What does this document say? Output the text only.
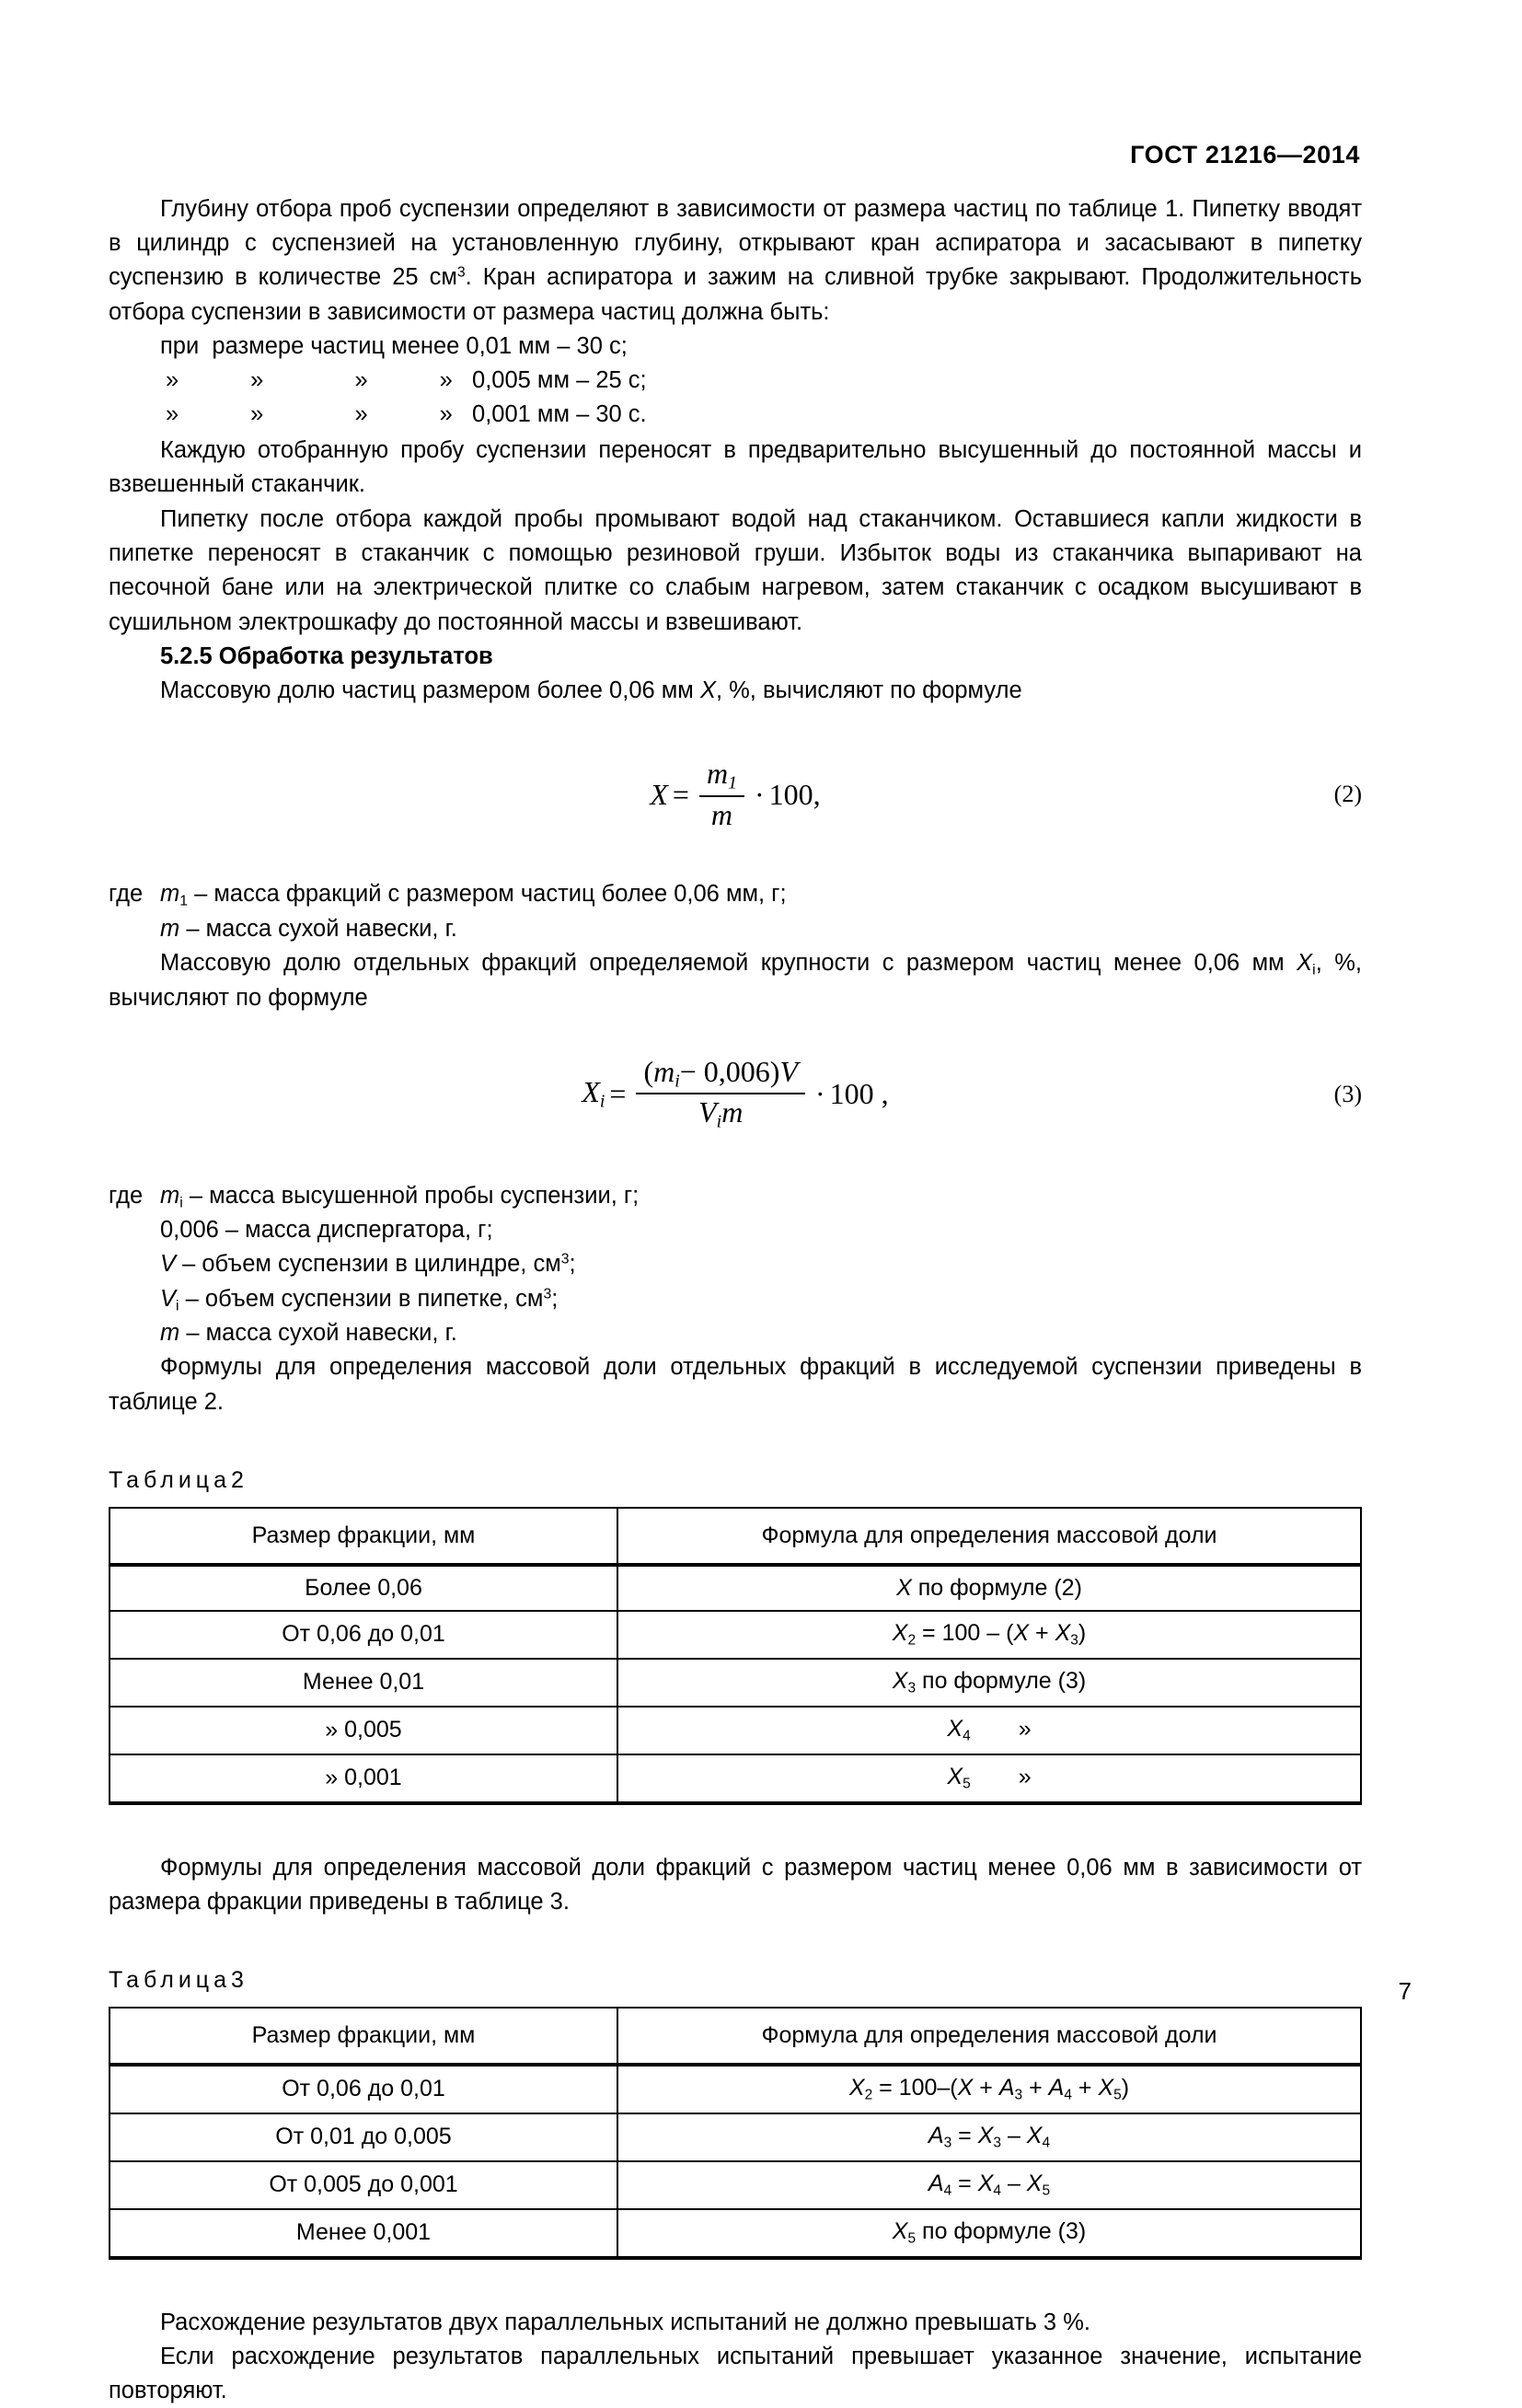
ГОСТ 21216—2014

Глубину отбора проб суспензии определяют в зависимости от размера частиц по таблице 1. Пипетку вводят в цилиндр с суспензией на установленную глубину, открывают кран аспиратора и засасывают в пипетку суспензию в количестве 25 $см^3$. Кран аспиратора и зажим на сливной трубке закрывают. Продолжительность отбора суспензии в зависимости от размера частиц должна быть:

при  размере частиц менее 0,01 мм – 30 с;
»           »              »           »   0,005 мм – 25 с;
»           »              »           »   0,001 мм – 30 с.

Каждую отобранную пробу суспензии переносят в предварительно высушенный до постоянной массы и взвешенный стаканчик.

Пипетку после отбора каждой пробы промывают водой над стаканчиком. Оставшиеся капли жидкости в пипетке переносят в стаканчик с помощью резиновой груши. Избыток воды из стаканчика выпаривают на песочной бане или на электрической плитке со слабым нагревом, затем стаканчик с осадком высушивают в сушильном электрошкафу до постоянной массы и взвешивают.

5.2.5 Обработка результатов

Массовую долю частиц размером более 0,06 мм X, %, вычисляют по формуле

$X = \frac{m_1}{m} \cdot 100$,	(2)
где $m_1$ – масса фракций с размером частиц более 0,06 мм, г;
m – масса сухой навески, г.

Массовую долю отдельных фракций определяемой крупности с размером частиц менее 0,06 мм $X_i$, %, вычисляют по формуле

$X_i = \frac{(m_i- 0,006)V}{V_im} \cdot 100$ ,	(3)
где $m_i$ – масса высушенной пробы суспензии, г;
0,006 – масса диспергатора, г;
V – объем суспензии в цилиндре, $см^3$;
$V_i$ – объем суспензии в пипетке, $см^3$;
m – масса сухой навески, г.

Формулы для определения массовой доли отдельных фракций в исследуемой суспензии приведены в таблице 2.

Таблица2
Размер фракции, мм	Формула для определения массовой доли
Более 0,06	X по формуле (2)
От 0,06 до 0,01	$X_2 = 100 - (X + X_3)$
Менее 0,01	$X_3$ по формуле (3)
» 0,005	$X_4$ »
» 0,001	$X_5$ »

Формулы для определения массовой доли фракций с размером частиц менее 0,06 мм в зависимости от размера фракции приведены в таблице 3.

Таблица3
Размер фракции, мм	Формула для определения массовой доли
От 0,06 до 0,01	$X_2 = 100-(X + A_3 + A_4 + X_5)$
От 0,01 до 0,005	$A_3 = X_3 - X_4$
От 0,005 до 0,001	$A_4 = X_4 - X_5$
Менее 0,001	$X_5$ по формуле (3)

Расхождение результатов двух параллельных испытаний не должно превышать 3 %.

Если расхождение результатов параллельных испытаний превышает указанное значение, испытание повторяют.

7
